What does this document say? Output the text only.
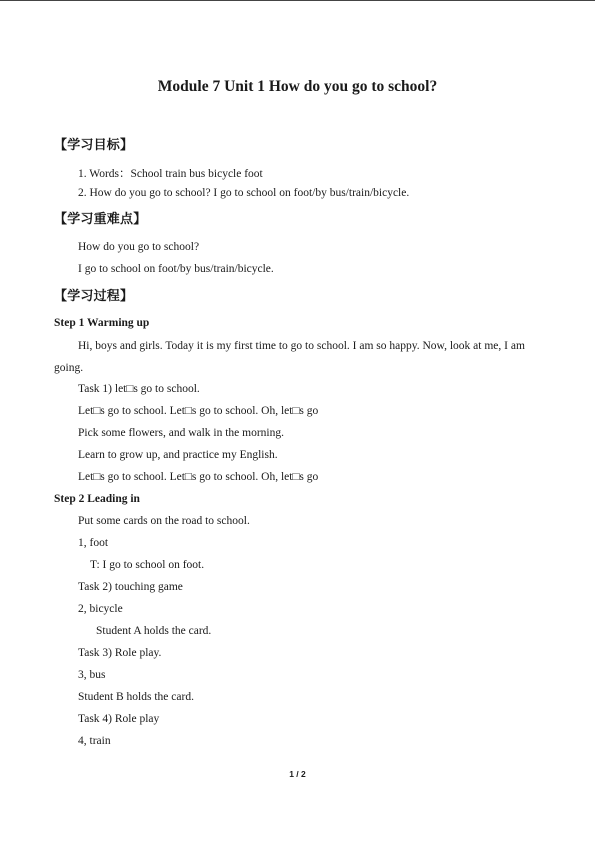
Module 7 Unit 1 How do you go to school?
【学习目标】
1. Words：School train bus bicycle foot
2. How do you go to school? I go to school on foot/by bus/train/bicycle.
【学习重难点】
How do you go to school?
I go to school on foot/by bus/train/bicycle.
【学习过程】
Step 1 Warming up
Hi, boys and girls. Today it is my first time to go to school. I am so happy. Now, look at me, I am going.
Task 1) let□s go to school.
Let□s go to school. Let□s go to school. Oh, let□s go
Pick some flowers, and walk in the morning.
Learn to grow up, and practice my English.
Let□s go to school. Let□s go to school. Oh, let□s go
Step 2 Leading in
Put some cards on the road to school.
1, foot
T: I go to school on foot.
Task 2) touching game
2, bicycle
Student A holds the card.
Task 3) Role play.
3, bus
Student B holds the card.
Task 4) Role play
4, train
1 / 2
